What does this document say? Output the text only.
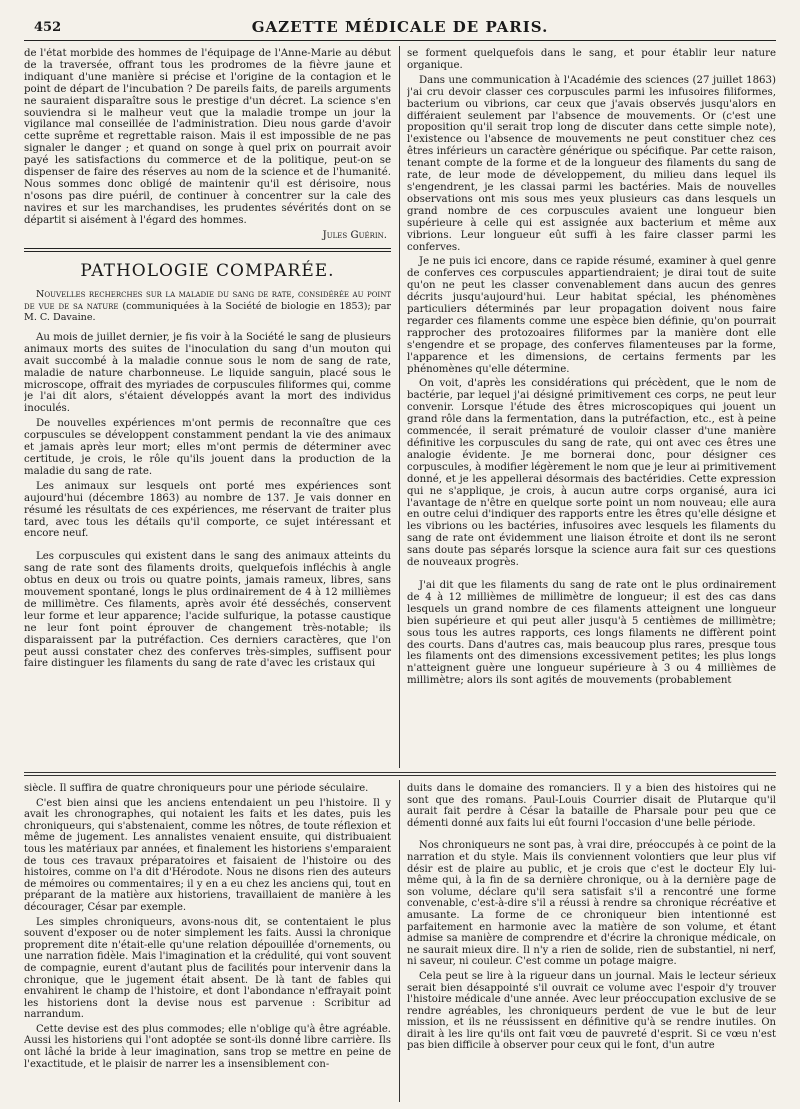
452	GAZETTE MÉDICALE DE PARIS.

de l'état morbide des hommes de l'équipage de l'Anne-Marie au début de la traversée, offrant tous les prodromes de la fièvre jaune et indiquant d'une manière si précise et l'origine de la contagion et le point de départ de l'incubation ? De pareils faits, de pareils arguments ne sauraient disparaître sous le prestige d'un décret. La science s'en souviendra si le malheur veut que la maladie trompe un jour la vigilance mal conseillée de l'administration. Dieu nous garde d'avoir cette suprême et regrettable raison. Mais il est impossible de ne pas signaler le danger ; et quand on songe à quel prix on pourrait avoir payé les satisfactions du commerce et de la politique, peut-on se dispenser de faire des réserves au nom de la science et de l'humanité. Nous sommes donc obligé de maintenir qu'il est dérisoire, nous n'osons pas dire puéril, de continuer à concentrer sur la cale des navires et sur les marchandises, les prudentes sévérités dont on se départit si aisément à l'égard des hommes.

Jules Guérin.

PATHOLOGIE COMPARÉE.

Nouvelles recherches sur la maladie du sang de rate, considérée au point de vue de sa nature (communiquées à la Société de biologie en 1853); par M. C. Davaine.

Au mois de juillet dernier, je fis voir à la Société le sang de plusieurs animaux morts des suites de l'inoculation du sang d'un mouton qui avait succombé à la maladie connue sous le nom de sang de rate, maladie de nature charbonneuse. Le liquide sanguin, placé sous le microscope, offrait des myriades de corpuscules filiformes qui, comme je l'ai dit alors, s'étaient développés avant la mort des individus inoculés.

De nouvelles expériences m'ont permis de reconnaître que ces corpuscules se développent constamment pendant la vie des animaux et jamais après leur mort; elles m'ont permis de déterminer avec certitude, je crois, le rôle qu'ils jouent dans la production de la maladie du sang de rate.

Les animaux sur lesquels ont porté mes expériences sont aujourd'hui (décembre 1863) au nombre de 137. Je vais donner en résumé les résultats de ces expériences, me réservant de traiter plus tard, avec tous les détails qu'il comporte, ce sujet intéressant et encore neuf.

Les corpuscules qui existent dans le sang des animaux atteints du sang de rate sont des filaments droits, quelquefois infléchis à angle obtus en deux ou trois ou quatre points, jamais rameux, libres, sans mouvement spontané, longs le plus ordinairement de 4 à 12 millièmes de millimètre. Ces filaments, après avoir été desséchés, conservent leur forme et leur apparence; l'acide sulfurique, la potasse caustique ne leur font point éprouver de changement très-notable; ils disparaissent par la putréfaction. Ces derniers caractères, que l'on peut aussi constater chez des conferves très-simples, suffisent pour faire distinguer les filaments du sang de rate d'avec les cristaux qui

se forment quelquefois dans le sang, et pour établir leur nature organique.

Dans une communication à l'Académie des sciences (27 juillet 1863) j'ai cru devoir classer ces corpuscules parmi les infusoires filiformes, bacterium ou vibrions, car ceux que j'avais observés jusqu'alors en différaient seulement par l'absence de mouvements. Or (c'est une proposition qu'il serait trop long de discuter dans cette simple note), l'existence ou l'absence de mouvements ne peut constituer chez ces êtres inférieurs un caractère générique ou spécifique. Par cette raison, tenant compte de la forme et de la longueur des filaments du sang de rate, de leur mode de développement, du milieu dans lequel ils s'engendrent, je les classai parmi les bactéries. Mais de nouvelles observations ont mis sous mes yeux plusieurs cas dans lesquels un grand nombre de ces corpuscules avaient une longueur bien supérieure à celle qui est assignée aux bacterium et même aux vibrions. Leur longueur eût suffi à les faire classer parmi les conferves.

Je ne puis ici encore, dans ce rapide résumé, examiner à quel genre de conferves ces corpuscules appartiendraient; je dirai tout de suite qu'on ne peut les classer convenablement dans aucun des genres décrits jusqu'aujourd'hui. Leur habitat spécial, les phénomènes particuliers déterminés par leur propagation doivent nous faire regarder ces filaments comme une espèce bien définie, qu'on pourrait rapprocher des protozoaires filiformes par la manière dont elle s'engendre et se propage, des conferves filamenteuses par la forme, l'apparence et les dimensions, de certains ferments par les phénomènes qu'elle détermine.

On voit, d'après les considérations qui précèdent, que le nom de bactérie, par lequel j'ai désigné primitivement ces corps, ne peut leur convenir. Lorsque l'étude des êtres microscopiques qui jouent un grand rôle dans la fermentation, dans la putréfaction, etc., est à peine commencée, il serait prématuré de vouloir classer d'une manière définitive les corpuscules du sang de rate, qui ont avec ces êtres une analogie évidente. Je me bornerai donc, pour désigner ces corpuscules, à modifier légèrement le nom que je leur ai primitivement donné, et je les appellerai désormais des bactéridies. Cette expression qui ne s'applique, je crois, à aucun autre corps organisé, aura ici l'avantage de n'être en quelque sorte point un nom nouveau; elle aura en outre celui d'indiquer des rapports entre les êtres qu'elle désigne et les vibrions ou les bactéries, infusoires avec lesquels les filaments du sang de rate ont évidemment une liaison étroite et dont ils ne seront sans doute pas séparés lorsque la science aura fait sur ces questions de nouveaux progrès.

J'ai dit que les filaments du sang de rate ont le plus ordinairement de 4 à 12 millièmes de millimètre de longueur; il est des cas dans lesquels un grand nombre de ces filaments atteignent une longueur bien supérieure et qui peut aller jusqu'à 5 centièmes de millimètre; sous tous les autres rapports, ces longs filaments ne diffèrent point des courts. Dans d'autres cas, mais beaucoup plus rares, presque tous les filaments ont des dimensions excessivement petites; les plus longs n'atteignent guère une longueur supérieure à 3 ou 4 millièmes de millimètre; alors ils sont agités de mouvements (probablement

siècle. Il suffira de quatre chroniqueurs pour une période séculaire.

C'est bien ainsi que les anciens entendaient un peu l'histoire. Il y avait les chronographes, qui notaient les faits et les dates, puis les chroniqueurs, qui s'abstenaient, comme les nôtres, de toute réflexion et même de jugement. Les annalistes venaient ensuite, qui distribuaient tous les matériaux par années, et finalement les historiens s'emparaient de tous ces travaux préparatoires et faisaient de l'histoire ou des histoires, comme on l'a dit d'Hérodote. Nous ne disons rien des auteurs de mémoires ou commentaires; il y en a eu chez les anciens qui, tout en préparant de la matière aux historiens, travaillaient de manière à les décourager, César par exemple.

Les simples chroniqueurs, avons-nous dit, se contentaient le plus souvent d'exposer ou de noter simplement les faits. Aussi la chronique proprement dite n'était-elle qu'une relation dépouillée d'ornements, ou une narration fidèle. Mais l'imagination et la crédulité, qui vont souvent de compagnie, eurent d'autant plus de facilités pour intervenir dans la chronique, que le jugement était absent. De là tant de fables qui envahirent le champ de l'histoire, et dont l'abondance n'effrayait point les historiens dont la devise nous est parvenue : Scribitur ad narrandum.

Cette devise est des plus commodes; elle n'oblige qu'à être agréable. Aussi les historiens qui l'ont adoptée se sont-ils donné libre carrière. Ils ont lâché la bride à leur imagination, sans trop se mettre en peine de l'exactitude, et le plaisir de narrer les a insensiblement con-

duits dans le domaine des romanciers. Il y a bien des histoires qui ne sont que des romans. Paul-Louis Courrier disait de Plutarque qu'il aurait fait perdre à César la bataille de Pharsale pour peu que ce démenti donné aux faits lui eût fourni l'occasion d'une belle période.

Nos chroniqueurs ne sont pas, à vrai dire, préoccupés à ce point de la narration et du style. Mais ils conviennent volontiers que leur plus vif désir est de plaire au public, et je crois que c'est le docteur Ely lui-même qui, à la fin de sa dernière chronique, ou à la dernière page de son volume, déclare qu'il sera satisfait s'il a rencontré une forme convenable, c'est-à-dire s'il a réussi à rendre sa chronique récréative et amusante. La forme de ce chroniqueur bien intentionné est parfaitement en harmonie avec la matière de son volume, et étant admise sa manière de comprendre et d'écrire la chronique médicale, on ne saurait mieux dire. Il n'y a rien de solide, rien de substantiel, ni nerf, ni saveur, ni couleur. C'est comme un potage maigre.

Cela peut se lire à la rigueur dans un journal. Mais le lecteur sérieux serait bien désappointé s'il ouvrait ce volume avec l'espoir d'y trouver l'histoire médicale d'une année. Avec leur préoccupation exclusive de se rendre agréables, les chroniqueurs perdent de vue le but de leur mission, et ils ne réussissent en définitive qu'à se rendre inutiles. On dirait à les lire qu'ils ont fait vœu de pauvreté d'esprit. Si ce vœu n'est pas bien difficile à observer pour ceux qui le font, d'un autre
